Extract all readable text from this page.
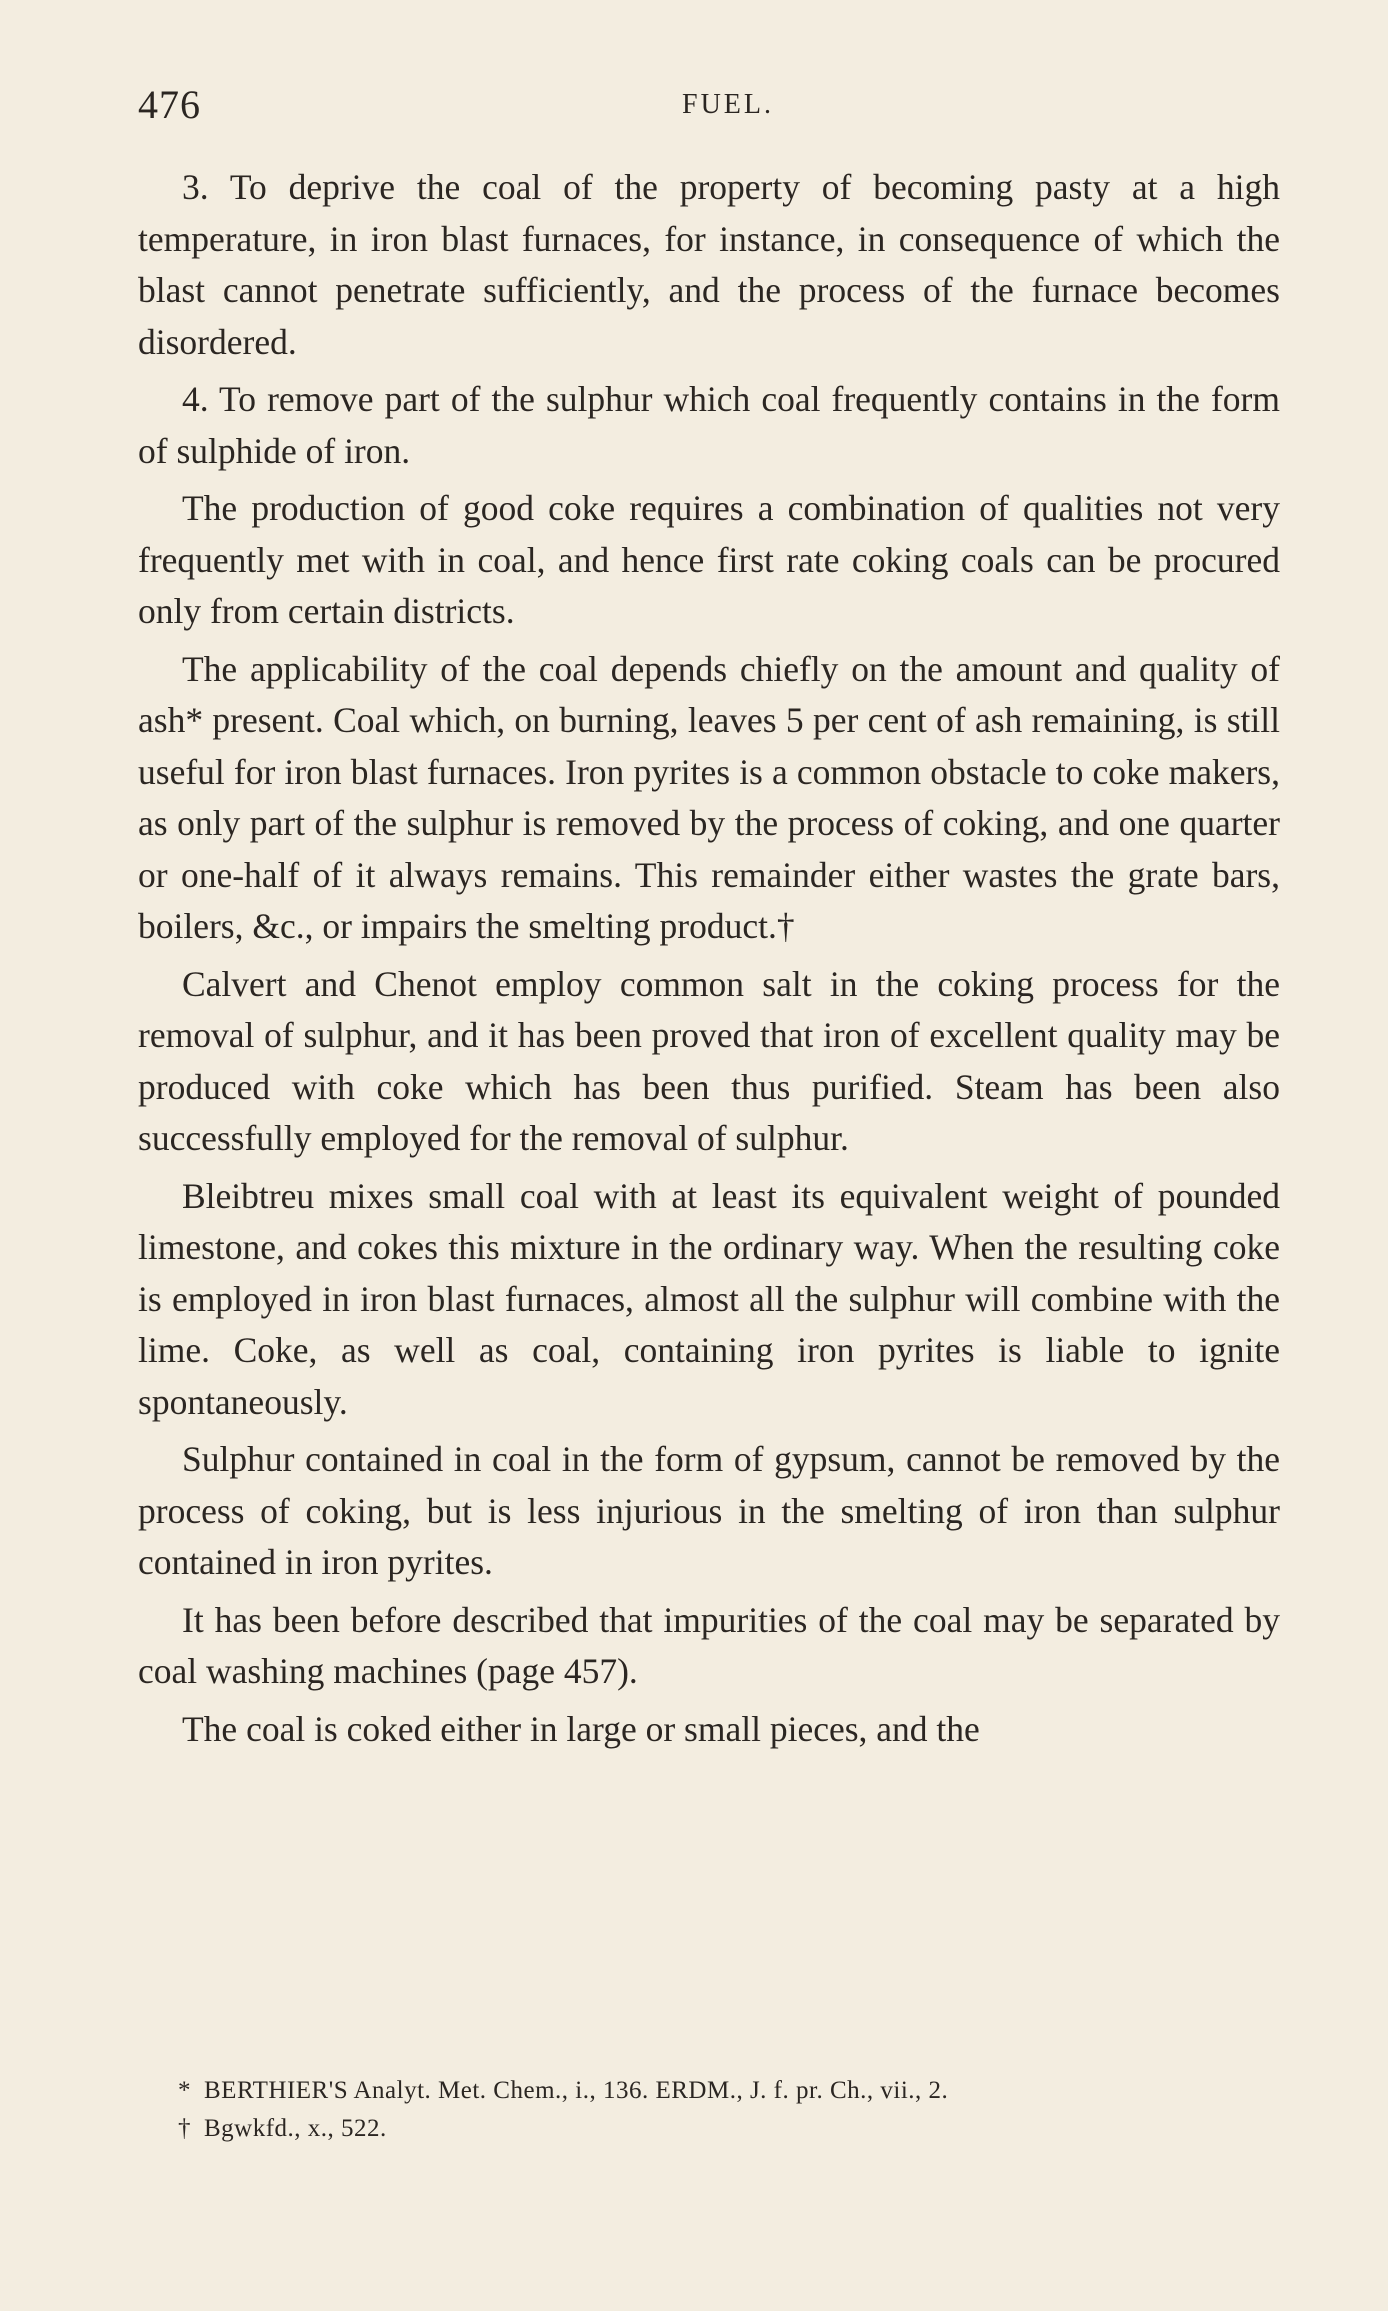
476	FUEL.

3. To deprive the coal of the property of becoming pasty at a high temperature, in iron blast furnaces, for instance, in consequence of which the blast cannot penetrate sufficiently, and the process of the furnace becomes disordered.

4. To remove part of the sulphur which coal frequently contains in the form of sulphide of iron.

The production of good coke requires a combination of qualities not very frequently met with in coal, and hence first rate coking coals can be procured only from certain districts.

The applicability of the coal depends chiefly on the amount and quality of ash* present. Coal which, on burning, leaves 5 per cent of ash remaining, is still useful for iron blast furnaces. Iron pyrites is a common obstacle to coke makers, as only part of the sulphur is removed by the process of coking, and one quarter or one-half of it always remains. This remainder either wastes the grate bars, boilers, &c., or impairs the smelting product.†

Calvert and Chenot employ common salt in the coking process for the removal of sulphur, and it has been proved that iron of excellent quality may be produced with coke which has been thus purified. Steam has been also successfully employed for the removal of sulphur.

Bleibtreu mixes small coal with at least its equivalent weight of pounded limestone, and cokes this mixture in the ordinary way. When the resulting coke is employed in iron blast furnaces, almost all the sulphur will combine with the lime. Coke, as well as coal, containing iron pyrites is liable to ignite spontaneously.

Sulphur contained in coal in the form of gypsum, cannot be removed by the process of coking, but is less injurious in the smelting of iron than sulphur contained in iron pyrites.

It has been before described that impurities of the coal may be separated by coal washing machines (page 457).

The coal is coked either in large or small pieces, and the

* BERTHIER'S Analyt. Met. Chem., i., 136. ERDM., J. f. pr. Ch., vii., 2.

† Bgwkfd., x., 522.
